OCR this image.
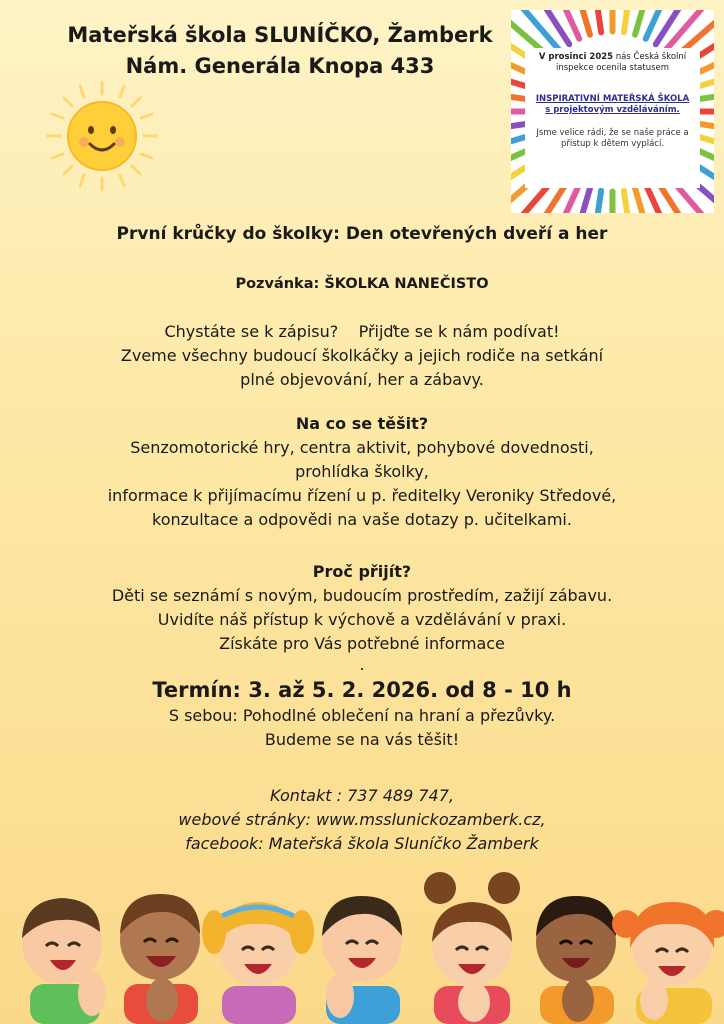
Mateřská škola SLUNÍČKO, Žamberk
Nám. Generála Knopa 433	V prosinci 2025 nás Česká školní inspekce ocenila statusem
INSPIRATIVNÍ MATEŘSKÁ ŠKOLA
s projektovým vzděláváním.
Jsme velice rádi, že se naše práce a přístup k dětem vyplácí.

První krůčky do školky: Den otevřených dveří a her

Pozvánka: ŠKOLKA NANEČISTO

Chystáte se k zápisu?    Přijďte se k nám podívat!
Zveme všechny budoucí školkáčky a jejich rodiče na setkání
plné objevování, her a zábavy.

Na co se těšit?

Senzomotorické hry, centra aktivit, pohybové dovednosti,

prohlídka školky,

informace k přijímacímu řízení u p. ředitelky Veroniky Středové,

konzultace a odpovědi na vaše dotazy p. učitelkami.

Proč přijít?

Děti se seznámí s novým, budoucím prostředím, zažijí zábavu.

Uvidíte náš přístup k výchově a vzdělávání v praxi.

Získáte pro Vás potřebné informace

.

Termín: 3. až 5. 2. 2026. od 8 - 10 h

S sebou: Pohodlné oblečení na hraní a přezůvky.

Budeme se na vás těšit!

Kontakt : 737 489 747,
webové stránky: www.msslunickozamberk.cz,
facebook: Mateřská škola Sluníčko Žamberk
